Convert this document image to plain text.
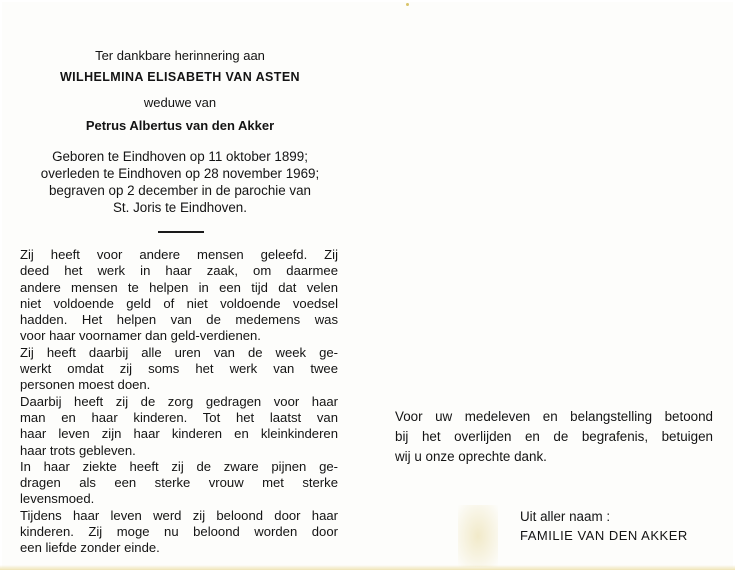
Ter dankbare herinnering aan
WILHELMINA ELISABETH VAN ASTEN
weduwe van
Petrus Albertus van den Akker
Geboren te Eindhoven op 11 oktober 1899;
overleden te Eindhoven op 28 november 1969;
begraven op 2 december in de parochie van
St. Joris te Eindhoven.
Zij heeft voor andere mensen geleefd. Zij
deed het werk in haar zaak, om daarmee
andere mensen te helpen in een tijd dat velen
niet voldoende geld of niet voldoende voedsel
hadden. Het helpen van de medemens was
voor haar voornamer dan geld-verdienen.
Zij heeft daarbij alle uren van de week ge-
werkt omdat zij soms het werk van twee
personen moest doen.
Daarbij heeft zij de zorg gedragen voor haar
man en haar kinderen. Tot het laatst van
haar leven zijn haar kinderen en kleinkinderen
haar trots gebleven.
In haar ziekte heeft zij de zware pijnen ge-
dragen als een sterke vrouw met sterke
levensmoed.
Tijdens haar leven werd zij beloond door haar
kinderen. Zij moge nu beloond worden door
een liefde zonder einde.
Voor uw medeleven en belangstelling betoond
bij het overlijden en de begrafenis, betuigen
wij u onze oprechte dank.
Uit aller naam :
FAMILIE VAN DEN AKKER
